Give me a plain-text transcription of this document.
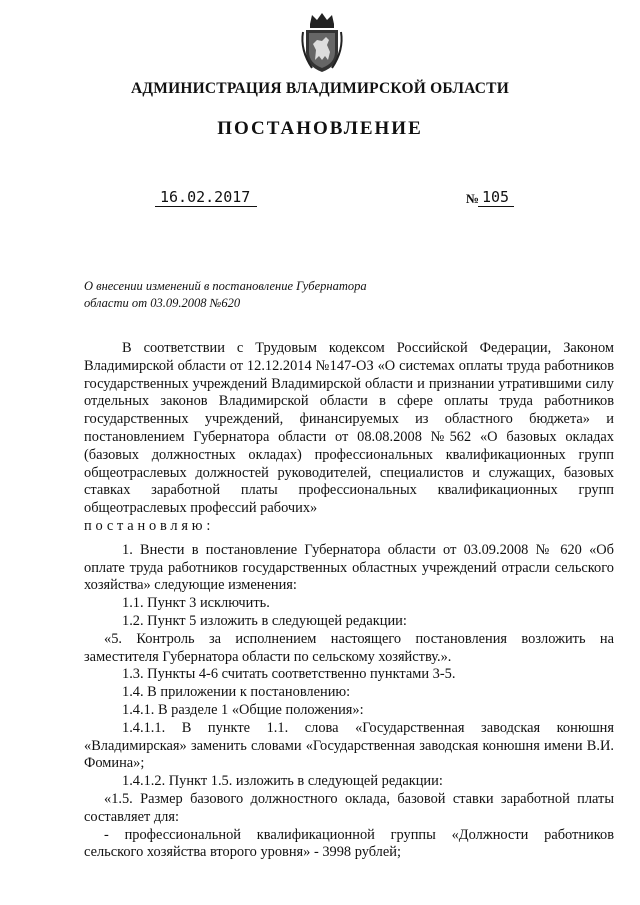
АДМИНИСТРАЦИЯ ВЛАДИМИРСКОЙ ОБЛАСТИ
ПОСТАНОВЛЕНИЕ
16.02.2017	№ 105
О внесении изменений в постановление Губернатора
области от 03.09.2008 №620

В соответствии с Трудовым кодексом Российской Федерации, Законом Владимирской области от 12.12.2014 №147-ОЗ «О системах оплаты труда работников государственных учреждений Владимирской области и признании утратившими силу отдельных законов Владимирской области в сфере оплаты труда работников государственных учреждений, финансируемых из областного бюджета» и постановлением Губернатора области от 08.08.2008 №562 «О базовых окладах (базовых должностных окладах) профессиональных квалификационных групп общеотраслевых должностей руководителей, специалистов и служащих, базовых ставках заработной платы профессиональных квалификационных групп общеотраслевых профессий рабочих»

постановляю:

1. Внести в постановление Губернатора области от 03.09.2008 № 620 «Об оплате труда работников государственных областных учреждений отрасли сельского хозяйства» следующие изменения:

1.1. Пункт 3 исключить.

1.2. Пункт 5 изложить в следующей редакции:

«5. Контроль за исполнением настоящего постановления возложить на заместителя Губернатора области по сельскому хозяйству.».

1.3. Пункты 4-6 считать соответственно пунктами 3-5.

1.4. В приложении к постановлению:

1.4.1. В разделе 1 «Общие положения»:

1.4.1.1. В пункте 1.1. слова «Государственная заводская конюшня «Владимирская» заменить словами «Государственная заводская конюшня имени В.И. Фомина»;

1.4.1.2. Пункт 1.5. изложить в следующей редакции:

«1.5. Размер базового должностного оклада, базовой ставки заработной платы составляет для:

- профессиональной квалификационной группы «Должности работников сельского хозяйства второго уровня» - 3998 рублей;
